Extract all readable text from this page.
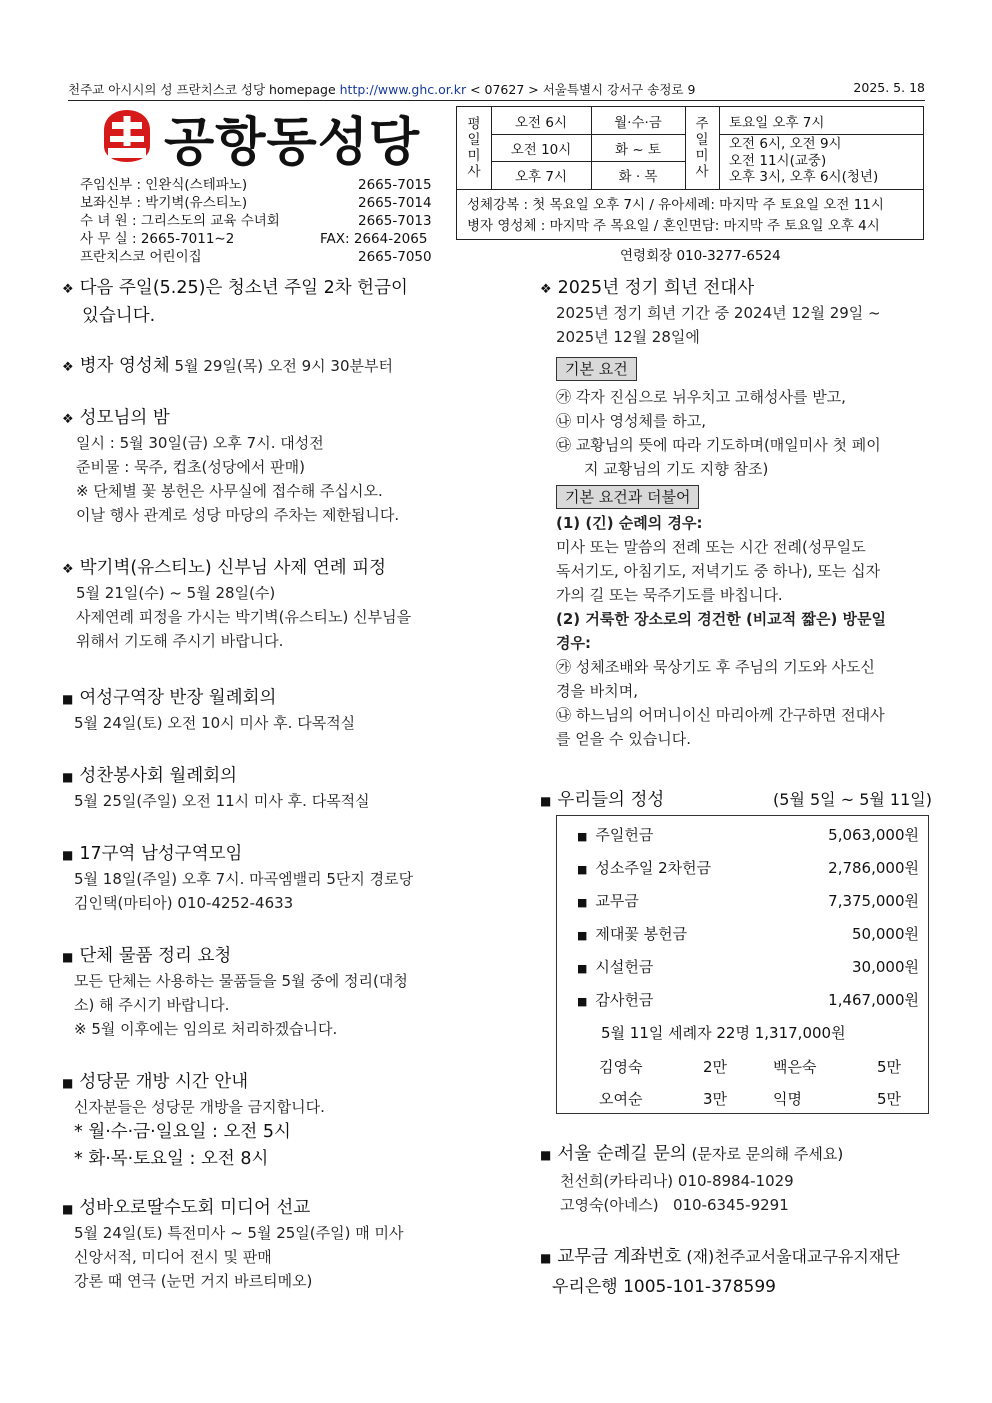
천주교 아시시의 성 프란치스코 성당 homepage http://www.ghc.or.kr < 07627 > 서울특별시 강서구 송정로 9	2025. 5. 18
공항동성당
주임신부 : 인완식(스테파노)	2665-7015
보좌신부 : 박기벽(유스티노)	2665-7014
수 녀 원 : 그리스도의 교육 수녀회	2665-7013
사 무 실 : 2665-7011∼2	FAX: 2664-2065
프란치스코 어린이집	2665-7050
평
일
미
사
오전 6시	월·수·금
오전 10시	화 ~ 토
오후 7시	화 · 목
주
일
미
사
토요일 오후 7시
오전 6시, 오전 9시
오전 11시(교중)
오후 3시, 오후 6시(청년)
성체강복 : 첫 목요일 오후 7시 / 유아세례: 마지막 주 토요일 오전 11시
병자 영성체 : 마지막 주 목요일 / 혼인면담: 마지막 주 토요일 오후 4시
연령회장 010-3277-6524
❖ 다음 주일(5.25)은 청소년 주일 2차 헌금이
있습니다.
❖ 병자 영성체 5월 29일(목) 오전 9시 30분부터
❖ 성모님의 밤
일시 : 5월 30일(금) 오후 7시. 대성전
준비물 : 묵주, 컵초(성당에서 판매)
※ 단체별 꽃 봉헌은 사무실에 접수해 주십시오.
이날 행사 관계로 성당 마당의 주차는 제한됩니다.
❖ 박기벽(유스티노) 신부님 사제 연례 피정
5월 21일(수) ~ 5월 28일(수)
사제연례 피정을 가시는 박기벽(유스티노) 신부님을
위해서 기도해 주시기 바랍니다.
■ 여성구역장 반장 월례회의
5월 24일(토) 오전 10시 미사 후. 다목적실
■ 성찬봉사회 월례회의
5월 25일(주일) 오전 11시 미사 후. 다목적실
■ 17구역 남성구역모임
5월 18일(주일) 오후 7시. 마곡엠밸리 5단지 경로당
김인택(마티아) 010-4252-4633
■ 단체 물품 정리 요청
모든 단체는 사용하는 물품들을 5월 중에 정리(대청
소) 해 주시기 바랍니다.
※ 5월 이후에는 임의로 처리하겠습니다.
■ 성당문 개방 시간 안내
신자분들은 성당문 개방을 금지합니다.
* 월·수·금·일요일 : 오전 5시
* 화·목·토요일 : 오전 8시
■ 성바오로딸수도회 미디어 선교
5월 24일(토) 특전미사 ~ 5월 25일(주일) 매 미사
신앙서적, 미디어 전시 및 판매
강론 때 연극 (눈먼 거지 바르티메오)
❖ 2025년 정기 희년 전대사
2025년 정기 희년 기간 중 2024년 12월 29일 ~
2025년 12월 28일에
기본 요건
㉮ 각자 진심으로 뉘우치고 고해성사를 받고,
㉯ 미사 영성체를 하고,
㉰ 교황님의 뜻에 따라 기도하며(매일미사 첫 페이
지 교황님의 기도 지향 참조)
기본 요건과 더불어
(1) (긴) 순례의 경우:
미사 또는 말씀의 전례 또는 시간 전례(성무일도
독서기도, 아침기도, 저녁기도 중 하나), 또는 십자
가의 길 또는 묵주기도를 바칩니다.
(2) 거룩한 장소로의 경건한 (비교적 짧은) 방문일
경우:
㉮ 성체조배와 묵상기도 후 주님의 기도와 사도신
경을 바치며,
㉯ 하느님의 어머니이신 마리아께 간구하면 전대사
를 얻을 수 있습니다.
■ 우리들의 정성	(5월 5일 ~ 5월 11일)
■ 주일헌금	5,063,000원
■ 성소주일 2차헌금	2,786,000원
■ 교무금	7,375,000원
■ 제대꽃 봉헌금	50,000원
■ 시설헌금	30,000원
■ 감사헌금	1,467,000원
5월 11일 세례자 22명 1,317,000원
김영숙	2만	백은숙	5만
오여순	3만	익명	5만
■ 서울 순례길 문의 (문자로 문의해 주세요)
천선희(카타리나) 010-8984-1029
고영숙(아네스)   010-6345-9291
■ 교무금 계좌번호 (재)천주교서울대교구유지재단
우리은행 1005-101-378599
